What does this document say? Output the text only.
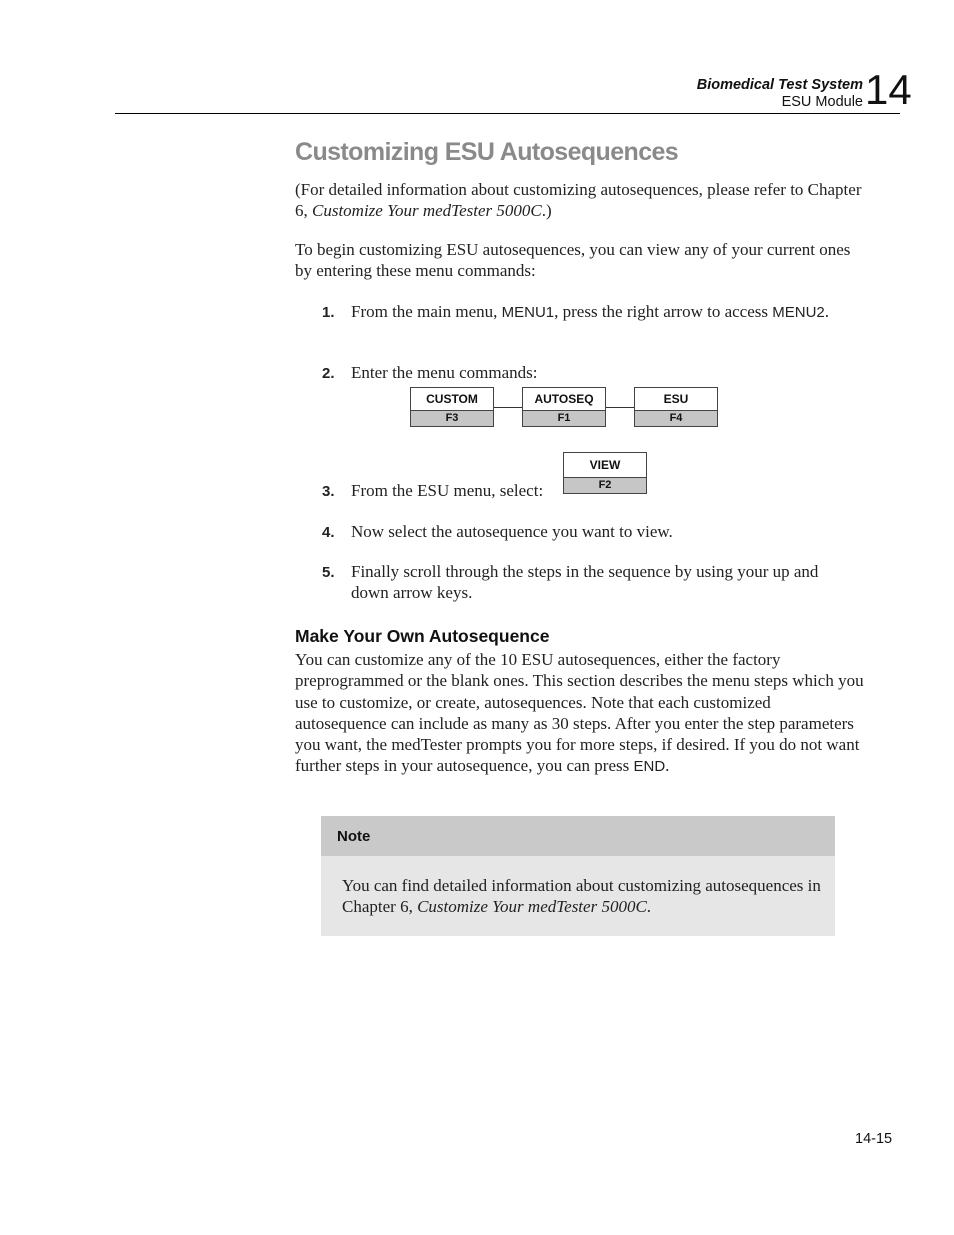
Biomedical Test System
ESU Module 14
Customizing ESU Autosequences
(For detailed information about customizing autosequences, please refer to Chapter 6, Customize Your medTester 5000C.)
To begin customizing ESU autosequences, you can view any of your current ones by entering these menu commands:
1. From the main menu, MENU1, press the right arrow to access MENU2.
2. Enter the menu commands:
CUSTOM
F3
AUTOSEQ
F1
ESU
F4
3. From the ESU menu, select:
VIEW
F2
4. Now select the autosequence you want to view.
5. Finally scroll through the steps in the sequence by using your up and down arrow keys.
Make Your Own Autosequence
You can customize any of the 10 ESU autosequences, either the factory preprogrammed or the blank ones. This section describes the menu steps which you use to customize, or create, autosequences. Note that each customized autosequence can include as many as 30 steps. After you enter the step parameters you want, the medTester prompts you for more steps, if desired. If you do not want further steps in your autosequence, you can press END.
Note
You can find detailed information about customizing autosequences in Chapter 6, Customize Your medTester 5000C.
14-15
